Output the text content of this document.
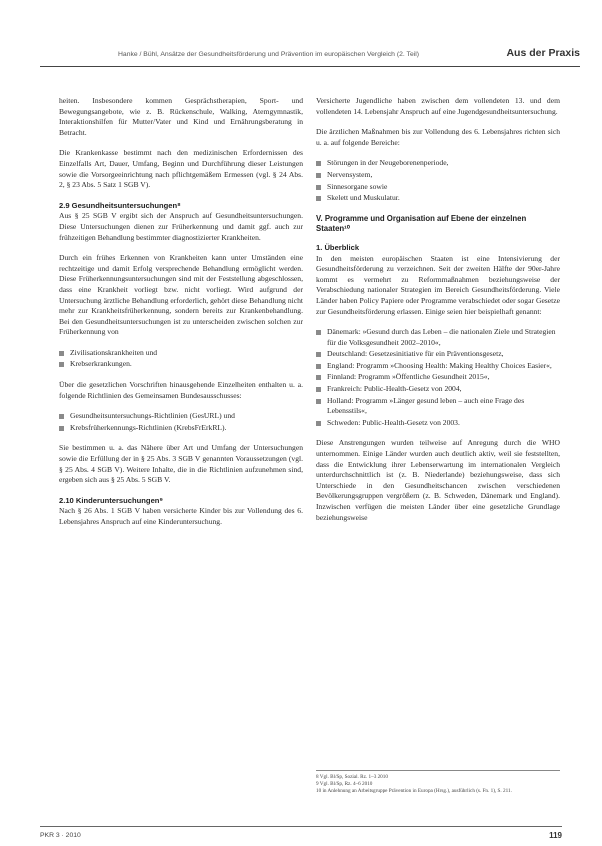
Hanke / Bühl, Ansätze der Gesundheitsförderung und Prävention im europäischen Vergleich (2. Teil)	Aus der Praxis

heiten. Insbesondere kommen Gesprächstherapien, Sport- und Bewegungsangebote, wie z. B. Rückenschule, Walking, Atemgymnastik, Interaktionshilfen für Mutter/Vater und Kind und Ernährungsberatung in Betracht.

Die Krankenkasse bestimmt nach den medizinischen Erfordernissen des Einzelfalls Art, Dauer, Umfang, Beginn und Durchführung dieser Leistungen sowie die Vorsorgeeinrichtung nach pflichtgemäßem Ermessen (vgl. § 24 Abs. 2, § 23 Abs. 5 Satz 1 SGB V).

2.9 Gesundheitsuntersuchungen⁸

Aus § 25 SGB V ergibt sich der Anspruch auf Gesundheitsuntersuchungen. Diese Untersuchungen dienen zur Früherkennung und damit ggf. auch zur frühzeitigen Behandlung bestimmter diagnostizierter Krankheiten.

Durch ein frühes Erkennen von Krankheiten kann unter Umständen eine rechtzeitige und damit Erfolg versprechende Behandlung ermöglicht werden. Diese Früherkennungsuntersuchungen sind mit der Feststellung abgeschlossen, dass eine Krankheit vorliegt bzw. nicht vorliegt. Wird aufgrund der Untersuchung ärztliche Behandlung erforderlich, gehört diese Behandlung nicht mehr zur Krankheitsfrüherkennung, sondern bereits zur Krankenbehandlung. Bei den Gesundheitsuntersuchungen ist zu unterscheiden zwischen solchen zur Früherkennung von

Zivilisationskrankheiten und
Krebserkrankungen.

Über die gesetzlichen Vorschriften hinausgehende Einzelheiten enthalten u. a. folgende Richtlinien des Gemeinsamen Bundesausschusses:

Gesundheitsuntersuchungs-Richtlinien (GesURL) und
Krebsfrüherkennungs-Richtlinien (KrebsFrErkRL).

Sie bestimmen u. a. das Nähere über Art und Umfang der Untersuchungen sowie die Erfüllung der in § 25 Abs. 3 SGB V genannten Voraussetzungen (vgl. § 25 Abs. 4 SGB V). Weitere Inhalte, die in die Richtlinien aufzunehmen sind, ergeben sich aus § 25 Abs. 5 SGB V.

2.10 Kinderuntersuchungen⁹

Nach § 26 Abs. 1 SGB V haben versicherte Kinder bis zur Vollendung des 6. Lebensjahres Anspruch auf eine Kinderuntersuchung.

Versicherte Jugendliche haben zwischen dem vollendeten 13. und dem vollendeten 14. Lebensjahr Anspruch auf eine Jugendgesundheitsuntersuchung.

Die ärztlichen Maßnahmen bis zur Vollendung des 6. Lebensjahres richten sich u. a. auf folgende Bereiche:

Störungen in der Neugeborenenperiode,
Nervensystem,
Sinnesorgane sowie
Skelett und Muskulatur.
V. Programme und Organisation auf Ebene der einzelnen Staaten¹⁰
1. Überblick

In den meisten europäischen Staaten ist eine Intensivierung der Gesundheitsförderung zu verzeichnen. Seit der zweiten Hälfte der 90er-Jahre kommt es vermehrt zu Reformmaßnahmen beziehungsweise der Verabschiedung nationaler Strategien im Bereich Gesundheitsförderung. Viele Länder haben Policy Papiere oder Programme verabschiedet oder sogar Gesetze zur Gesundheitsförderung erlassen. Einige seien hier beispielhaft genannt:

Dänemark: »Gesund durch das Leben – die nationalen Ziele und Strategien für die Volksgesundheit 2002–2010«,
Deutschland: Gesetzesinitiative für ein Präventionsgesetz,
England: Programm »Choosing Health: Making Healthy Choices Easier«,
Finnland: Programm »Öffentliche Gesundheit 2015«,
Frankreich: Public-Health-Gesetz von 2004,
Holland: Programm »Länger gesund leben – auch eine Frage des Lebensstils«,
Schweden: Public-Health-Gesetz von 2003.

Diese Anstrengungen wurden teilweise auf Anregung durch die WHO unternommen. Einige Länder wurden auch deutlich aktiv, weil sie feststellten, dass die Entwicklung ihrer Lebenserwartung im internationalen Vergleich unterdurchschnittlich ist (z. B. Niederlande) beziehungsweise, dass sich Unterschiede in den Gesundheitschancen zwischen verschiedenen Bevölkerungsgruppen vergrößern (z. B. Schweden, Dänemark und England). Inzwischen verfügen die meisten Länder über eine gesetzliche Grundlage beziehungsweise

8 Vgl. Bl/Sp, Sozial. Rz. 1–3 2010
9 Vgl. Bl/Sp, Rz. 4–6 2010
10 in Anlehnung an Arbeitsgruppe Prävention in Europa (Hrsg.), ausführlich (s. Fn. 1), S. 211.
PKR 3 · 2010	119
